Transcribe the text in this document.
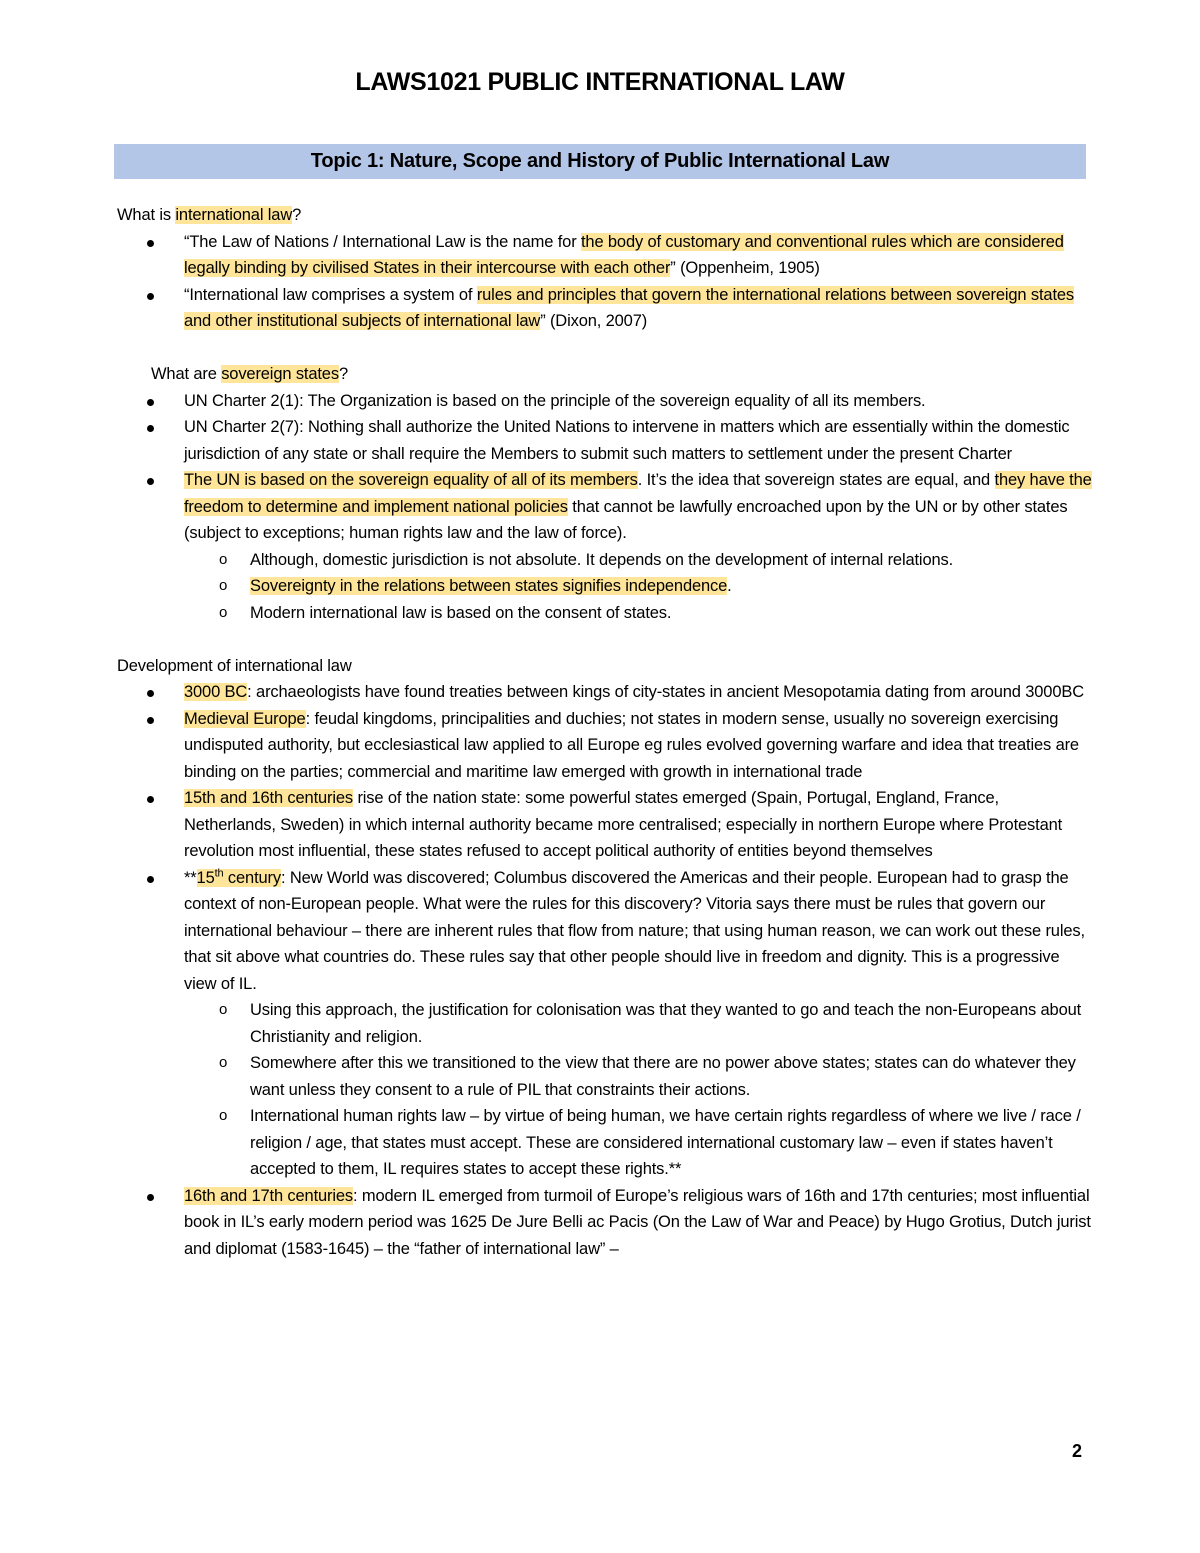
LAWS1021 PUBLIC INTERNATIONAL LAW
Topic 1: Nature, Scope and History of Public International Law

What is international law?

“The Law of Nations / International Law is the name for the body of customary and conventional rules which are considered legally binding by civilised States in their intercourse with each other” (Oppenheim, 1905)
“International law comprises a system of rules and principles that govern the international relations between sovereign states and other institutional subjects of international law” (Dixon, 2007)

What are sovereign states?

UN Charter 2(1): The Organization is based on the principle of the sovereign equality of all its members.
UN Charter 2(7): Nothing shall authorize the United Nations to intervene in matters which are essentially within the domestic jurisdiction of any state or shall require the Members to submit such matters to settlement under the present Charter
The UN is based on the sovereign equality of all of its members. It’s the idea that sovereign states are equal, and they have the freedom to determine and implement national policies that cannot be lawfully encroached upon by the UN or by other states (subject to exceptions; human rights law and the law of force).
o Although, domestic jurisdiction is not absolute. It depends on the development of internal relations.
o Sovereignty in the relations between states signifies independence.
o Modern international law is based on the consent of states.

Development of international law

3000 BC: archaeologists have found treaties between kings of city-states in ancient Mesopotamia dating from around 3000BC
Medieval Europe: feudal kingdoms, principalities and duchies; not states in modern sense, usually no sovereign exercising undisputed authority, but ecclesiastical law applied to all Europe eg rules evolved governing warfare and idea that treaties are binding on the parties; commercial and maritime law emerged with growth in international trade
15th and 16th centuries rise of the nation state: some powerful states emerged (Spain, Portugal, England, France, Netherlands, Sweden) in which internal authority became more centralised; especially in northern Europe where Protestant revolution most influential, these states refused to accept political authority of entities beyond themselves
**15th century: New World was discovered; Columbus discovered the Americas and their people. European had to grasp the context of non-European people. What were the rules for this discovery? Vitoria says there must be rules that govern our international behaviour – there are inherent rules that flow from nature; that using human reason, we can work out these rules, that sit above what countries do. These rules say that other people should live in freedom and dignity. This is a progressive view of IL.
o Using this approach, the justification for colonisation was that they wanted to go and teach the non-Europeans about Christianity and religion.
o Somewhere after this we transitioned to the view that there are no power above states; states can do whatever they want unless they consent to a rule of PIL that constraints their actions.
o International human rights law – by virtue of being human, we have certain rights regardless of where we live / race / religion / age, that states must accept. These are considered international customary law – even if states haven’t accepted to them, IL requires states to accept these rights.**
16th and 17th centuries: modern IL emerged from turmoil of Europe’s religious wars of 16th and 17th centuries; most influential book in IL’s early modern period was 1625 De Jure Belli ac Pacis (On the Law of War and Peace) by Hugo Grotius, Dutch jurist and diplomat (1583-1645) – the “father of international law” –
2
